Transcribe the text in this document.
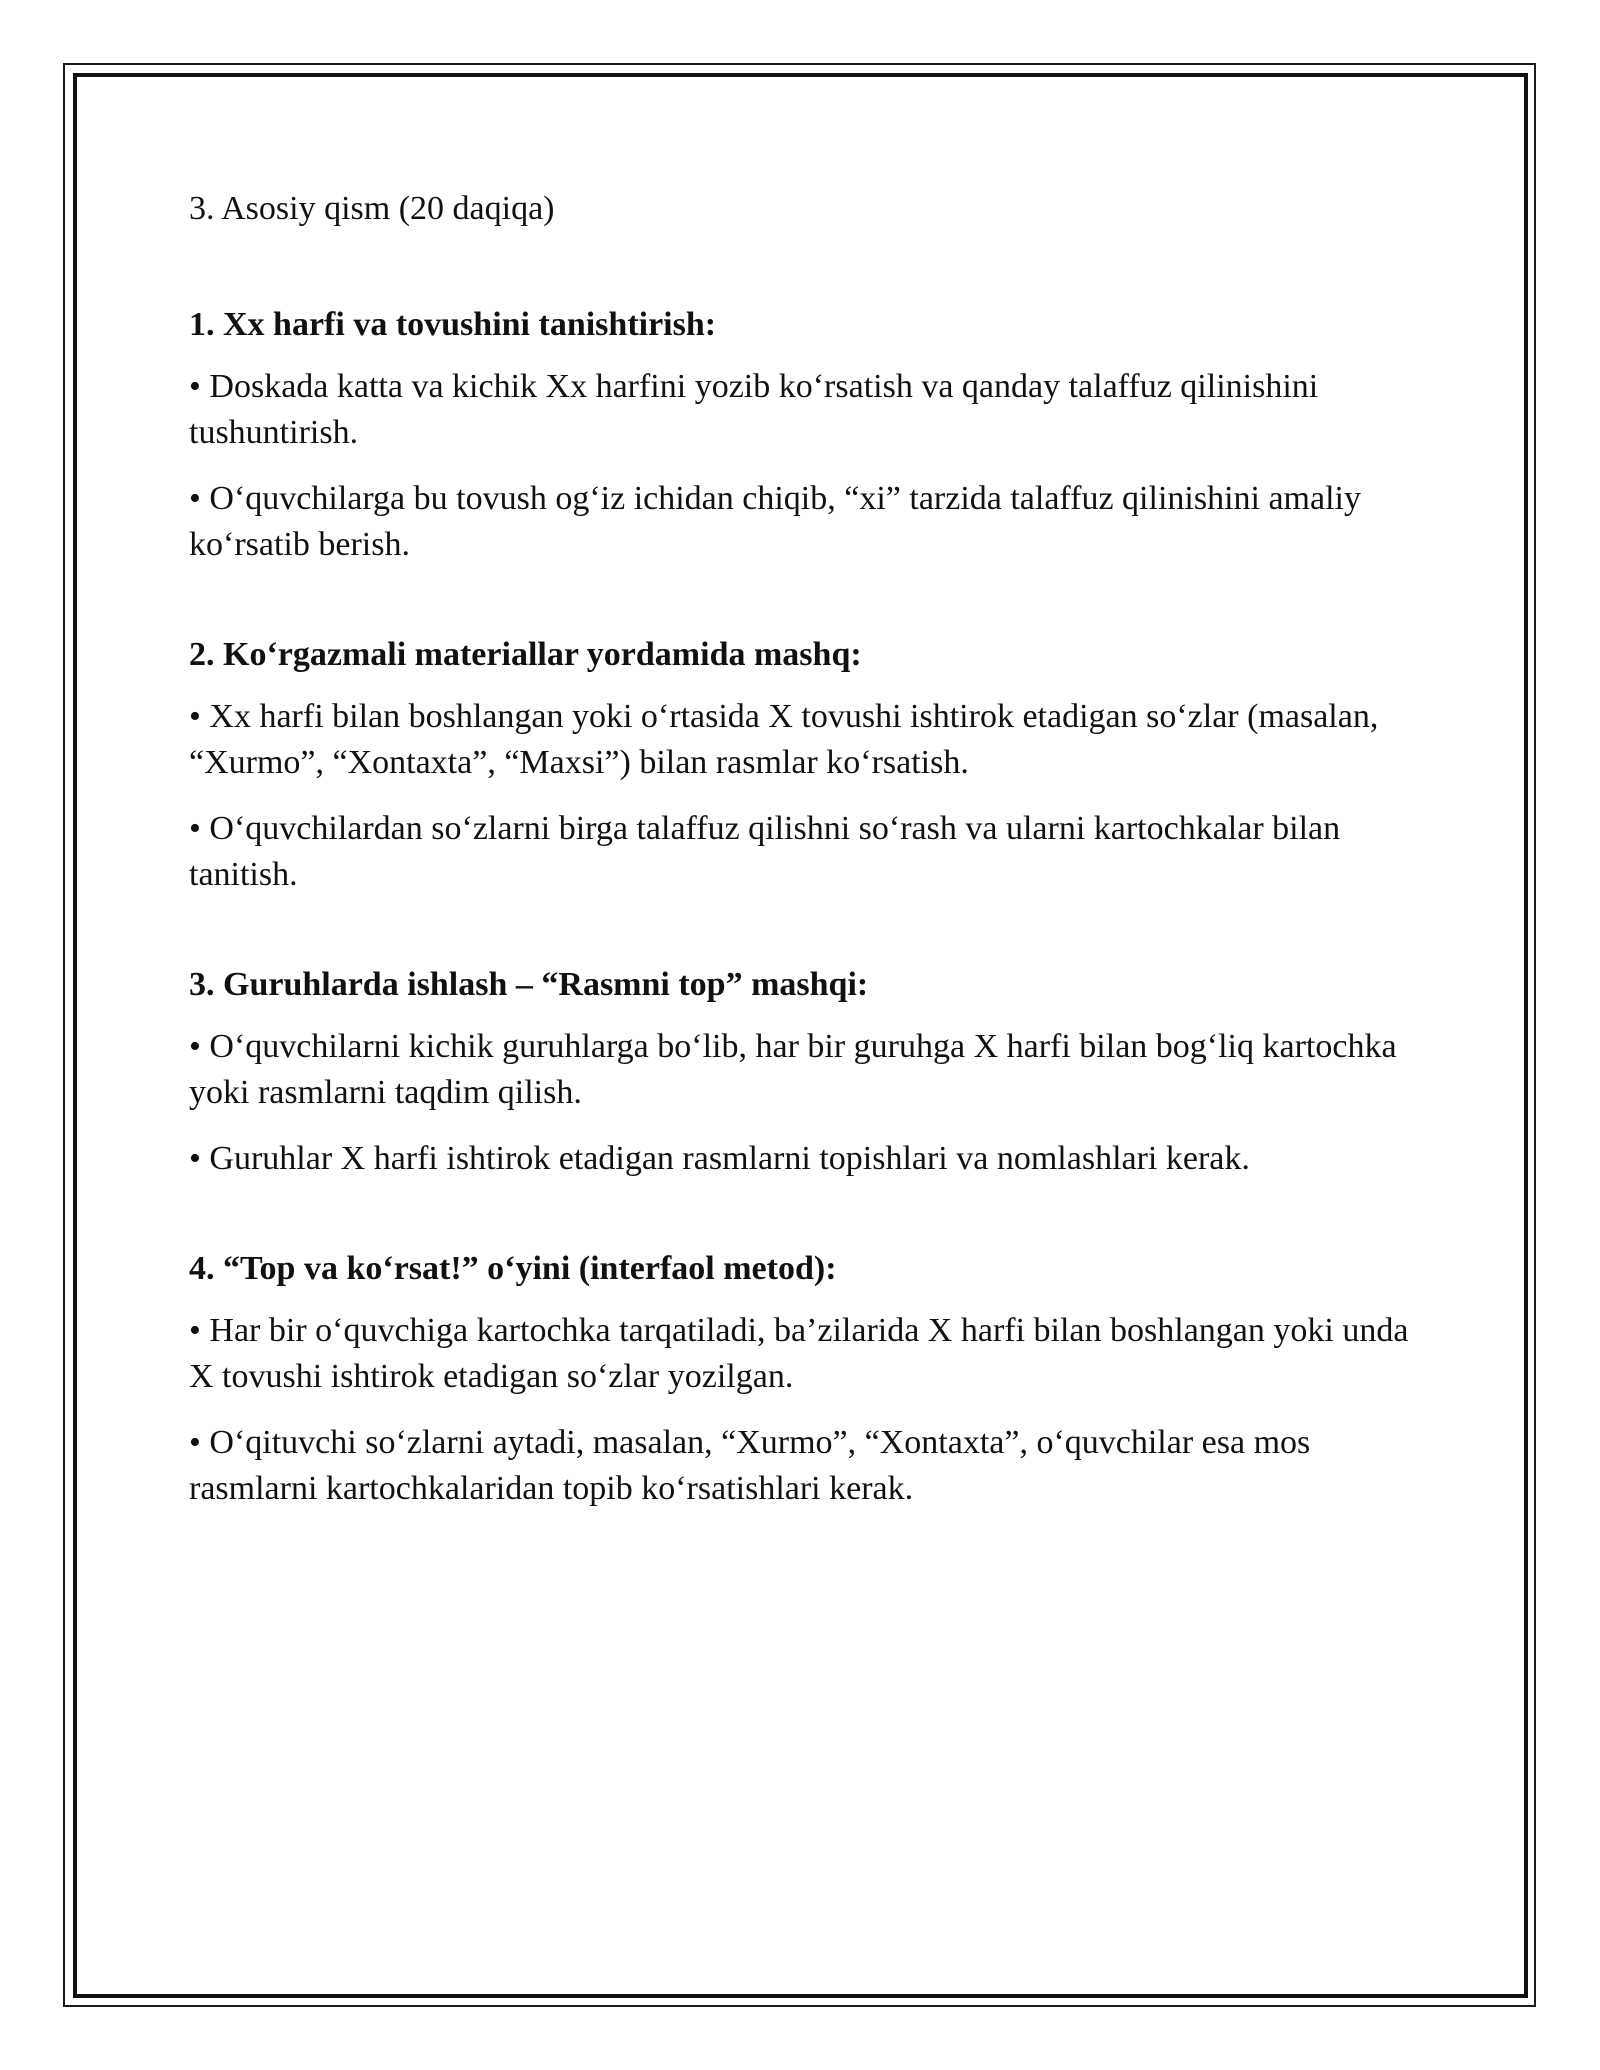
3. Asosiy qism (20 daqiqa)

1. Xx harfi va tovushini tanishtirish:

• Doskada katta va kichik Xx harfini yozib ko‘rsatish va qanday talaffuz qilinishini tushuntirish.

• O‘quvchilarga bu tovush og‘iz ichidan chiqib, “xi” tarzida talaffuz qilinishini amaliy ko‘rsatib berish.

2. Ko‘rgazmali materiallar yordamida mashq:

• Xx harfi bilan boshlangan yoki o‘rtasida X tovushi ishtirok etadigan so‘zlar (masalan, “Xurmo”, “Xontaxta”, “Maxsi”) bilan rasmlar ko‘rsatish.

• O‘quvchilardan so‘zlarni birga talaffuz qilishni so‘rash va ularni kartochkalar bilan tanitish.

3. Guruhlarda ishlash – “Rasmni top” mashqi:

• O‘quvchilarni kichik guruhlarga bo‘lib, har bir guruhga X harfi bilan bog‘liq kartochka yoki rasmlarni taqdim qilish.

• Guruhlar X harfi ishtirok etadigan rasmlarni topishlari va nomlashlari kerak.

4. “Top va ko‘rsat!” o‘yini (interfaol metod):

• Har bir o‘quvchiga kartochka tarqatiladi, ba’zilarida X harfi bilan boshlangan yoki unda X tovushi ishtirok etadigan so‘zlar yozilgan.

• O‘qituvchi so‘zlarni aytadi, masalan, “Xurmo”, “Xontaxta”, o‘quvchilar esa mos rasmlarni kartochkalaridan topib ko‘rsatishlari kerak.
